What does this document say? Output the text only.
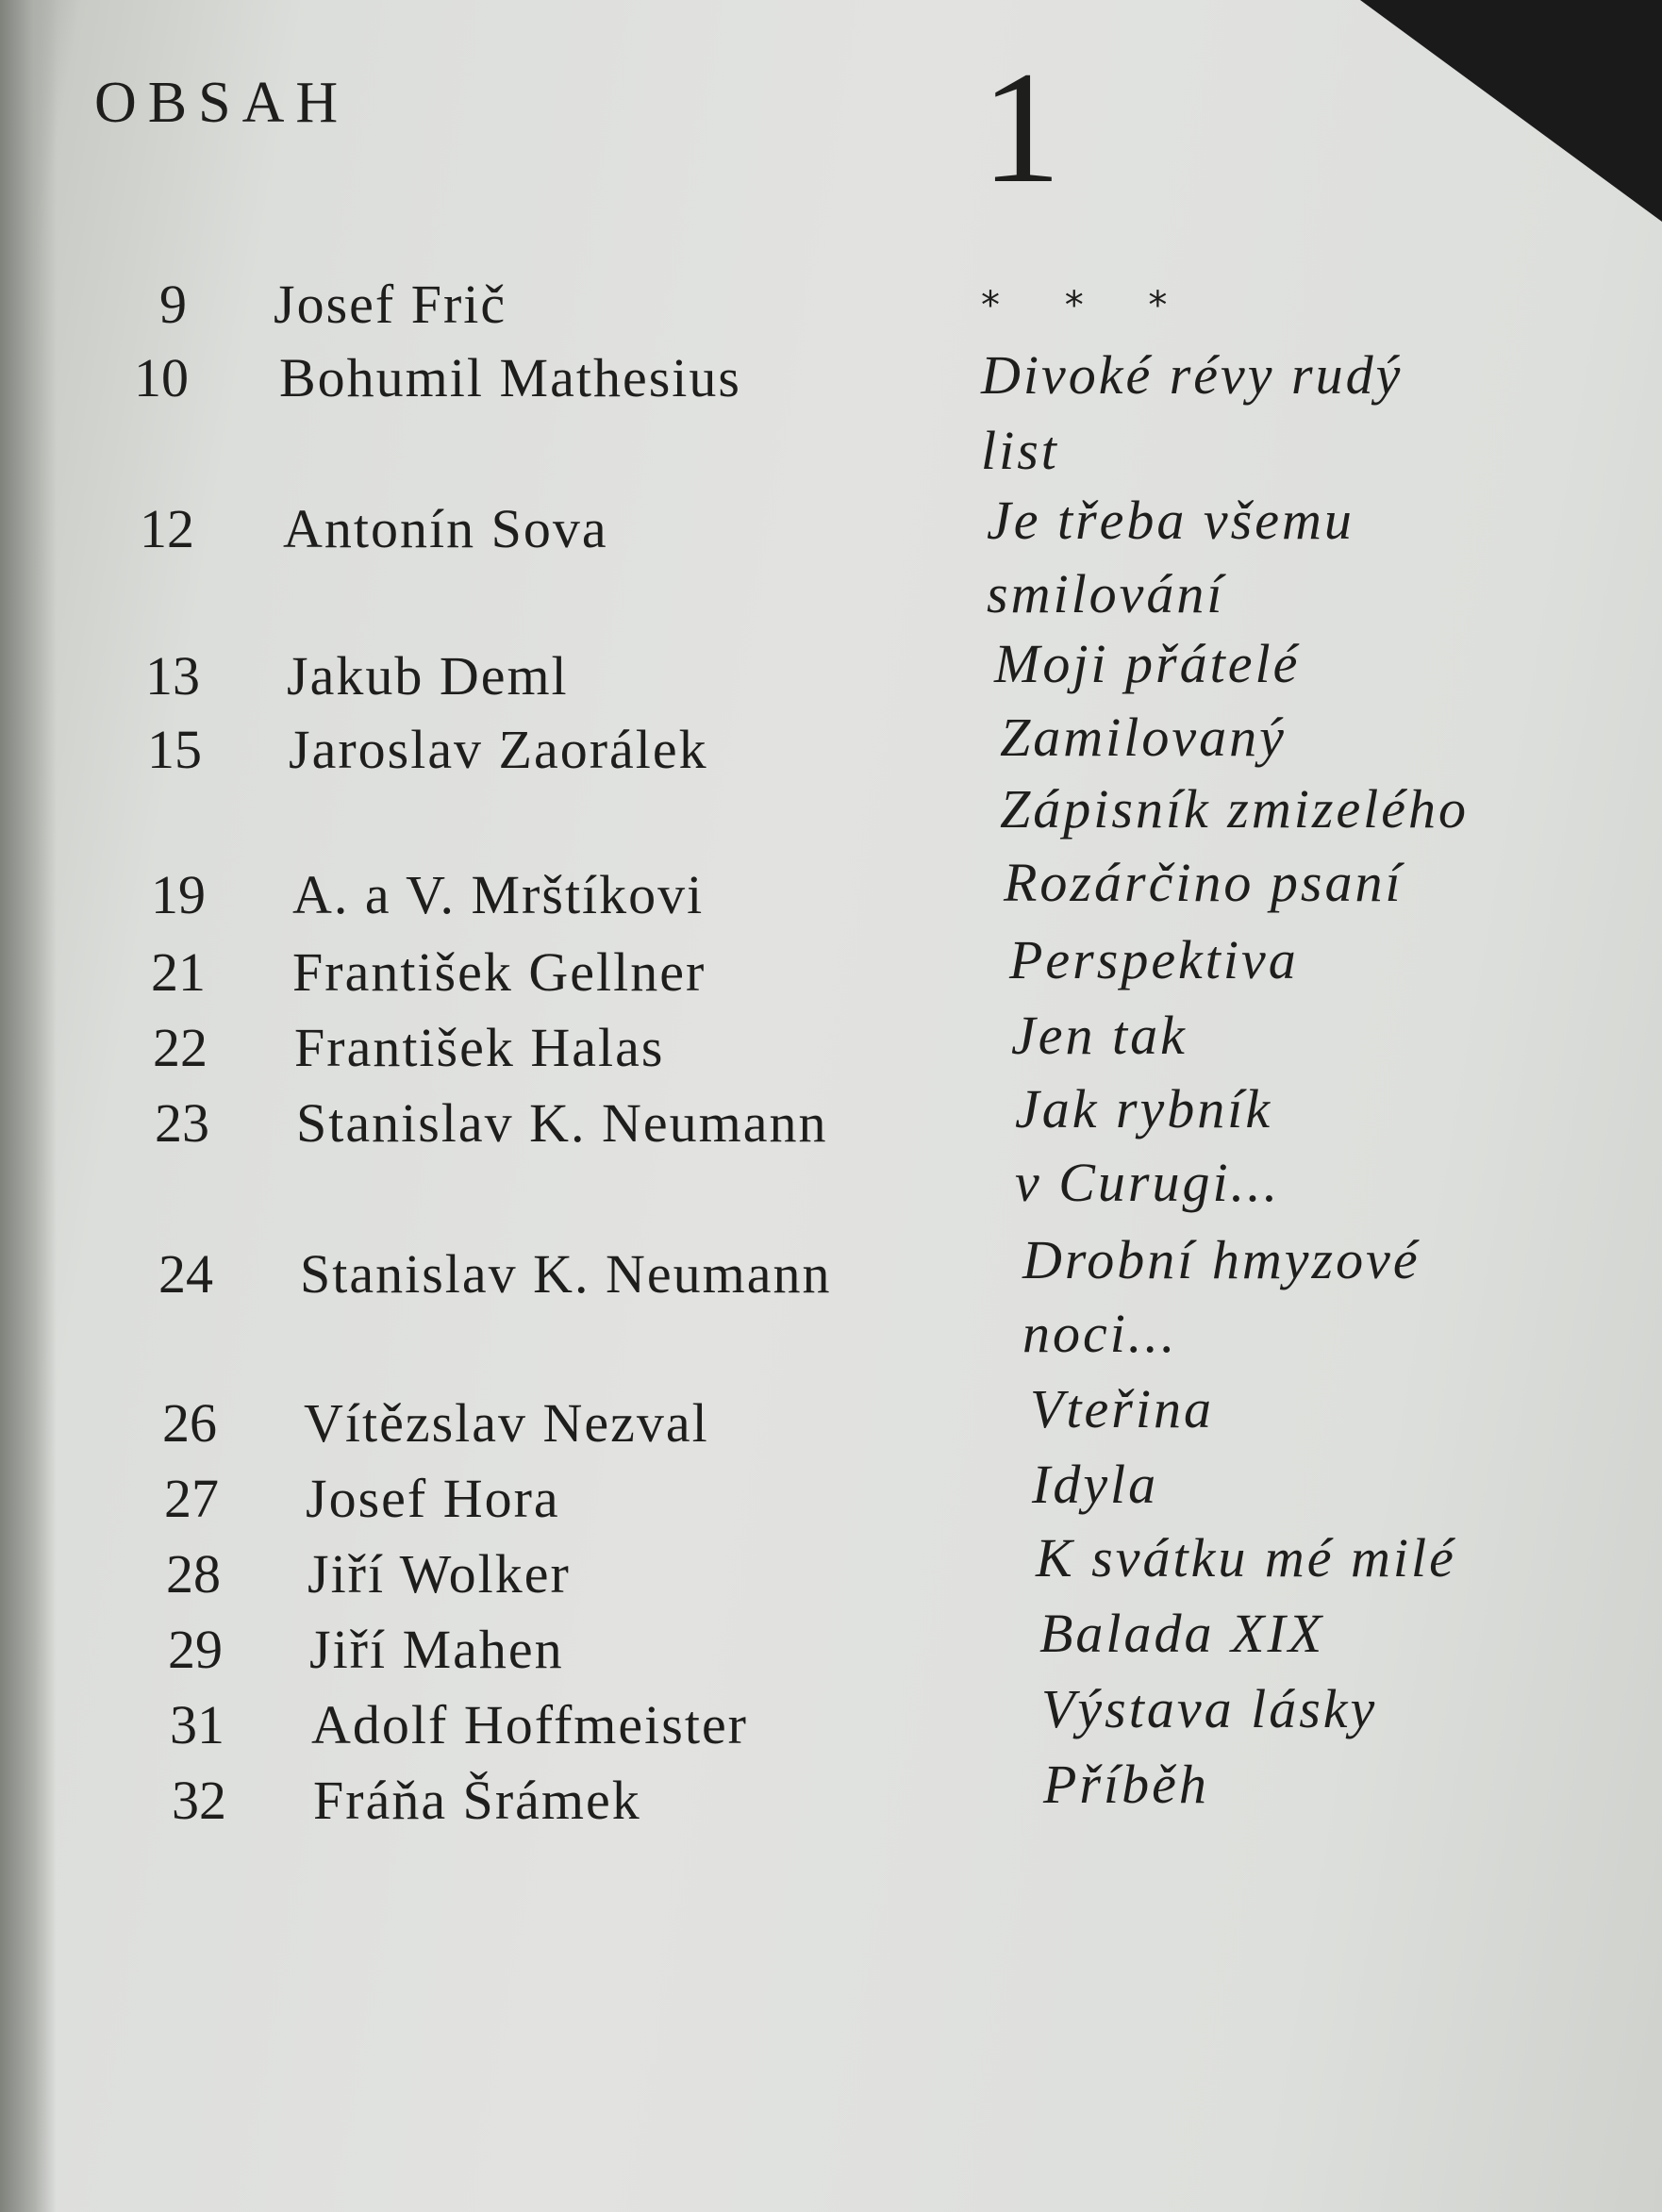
OBSAH	1
9 Josef Frič	* * *
10 Bohumil Mathesius	Divoké révy rudý
list
12 Antonín Sova	Je třeba všemu
smilování
13 Jakub Deml	Moji přátelé
15 Jaroslav Zaorálek	Zamilovaný
Zápisník zmizelého
19 A. a V. Mrštíkovi	Rozárčino psaní
21 František Gellner	Perspektiva
22 František Halas	Jen tak
23 Stanislav K. Neumann	Jak rybník
v Curugi...
24 Stanislav K. Neumann	Drobní hmyzové
noci...
26 Vítězslav Nezval	Vteřina
27 Josef Hora	Idyla
28 Jiří Wolker	K svátku mé milé
29 Jiří Mahen	Balada XIX
31 Adolf Hoffmeister	Výstava lásky
32 Fráňa Šrámek	Příběh
